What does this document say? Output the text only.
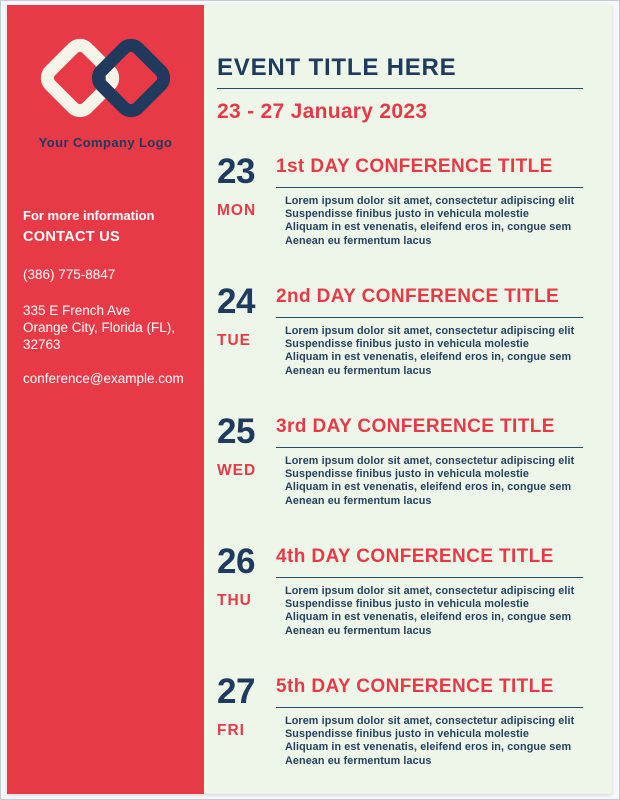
Your Company Logo
For more information
CONTACT US
(386) 775-8847
335 E French Ave
Orange City, Florida (FL), 32763
conference@example.com
EVENT TITLE HERE
23 - 27 January 2023
23
MON
1st DAY CONFERENCE TITLE
Lorem ipsum dolor sit amet, consectetur adipiscing elit
Suspendisse finibus justo in vehicula molestie
Aliquam in est venenatis, eleifend eros in, congue sem
Aenean eu fermentum lacus
24
TUE
2nd DAY CONFERENCE TITLE
Lorem ipsum dolor sit amet, consectetur adipiscing elit
Suspendisse finibus justo in vehicula molestie
Aliquam in est venenatis, eleifend eros in, congue sem
Aenean eu fermentum lacus
25
WED
3rd DAY CONFERENCE TITLE
Lorem ipsum dolor sit amet, consectetur adipiscing elit
Suspendisse finibus justo in vehicula molestie
Aliquam in est venenatis, eleifend eros in, congue sem
Aenean eu fermentum lacus
26
THU
4th DAY CONFERENCE TITLE
Lorem ipsum dolor sit amet, consectetur adipiscing elit
Suspendisse finibus justo in vehicula molestie
Aliquam in est venenatis, eleifend eros in, congue sem
Aenean eu fermentum lacus
27
FRI
5th DAY CONFERENCE TITLE
Lorem ipsum dolor sit amet, consectetur adipiscing elit
Suspendisse finibus justo in vehicula molestie
Aliquam in est venenatis, eleifend eros in, congue sem
Aenean eu fermentum lacus
